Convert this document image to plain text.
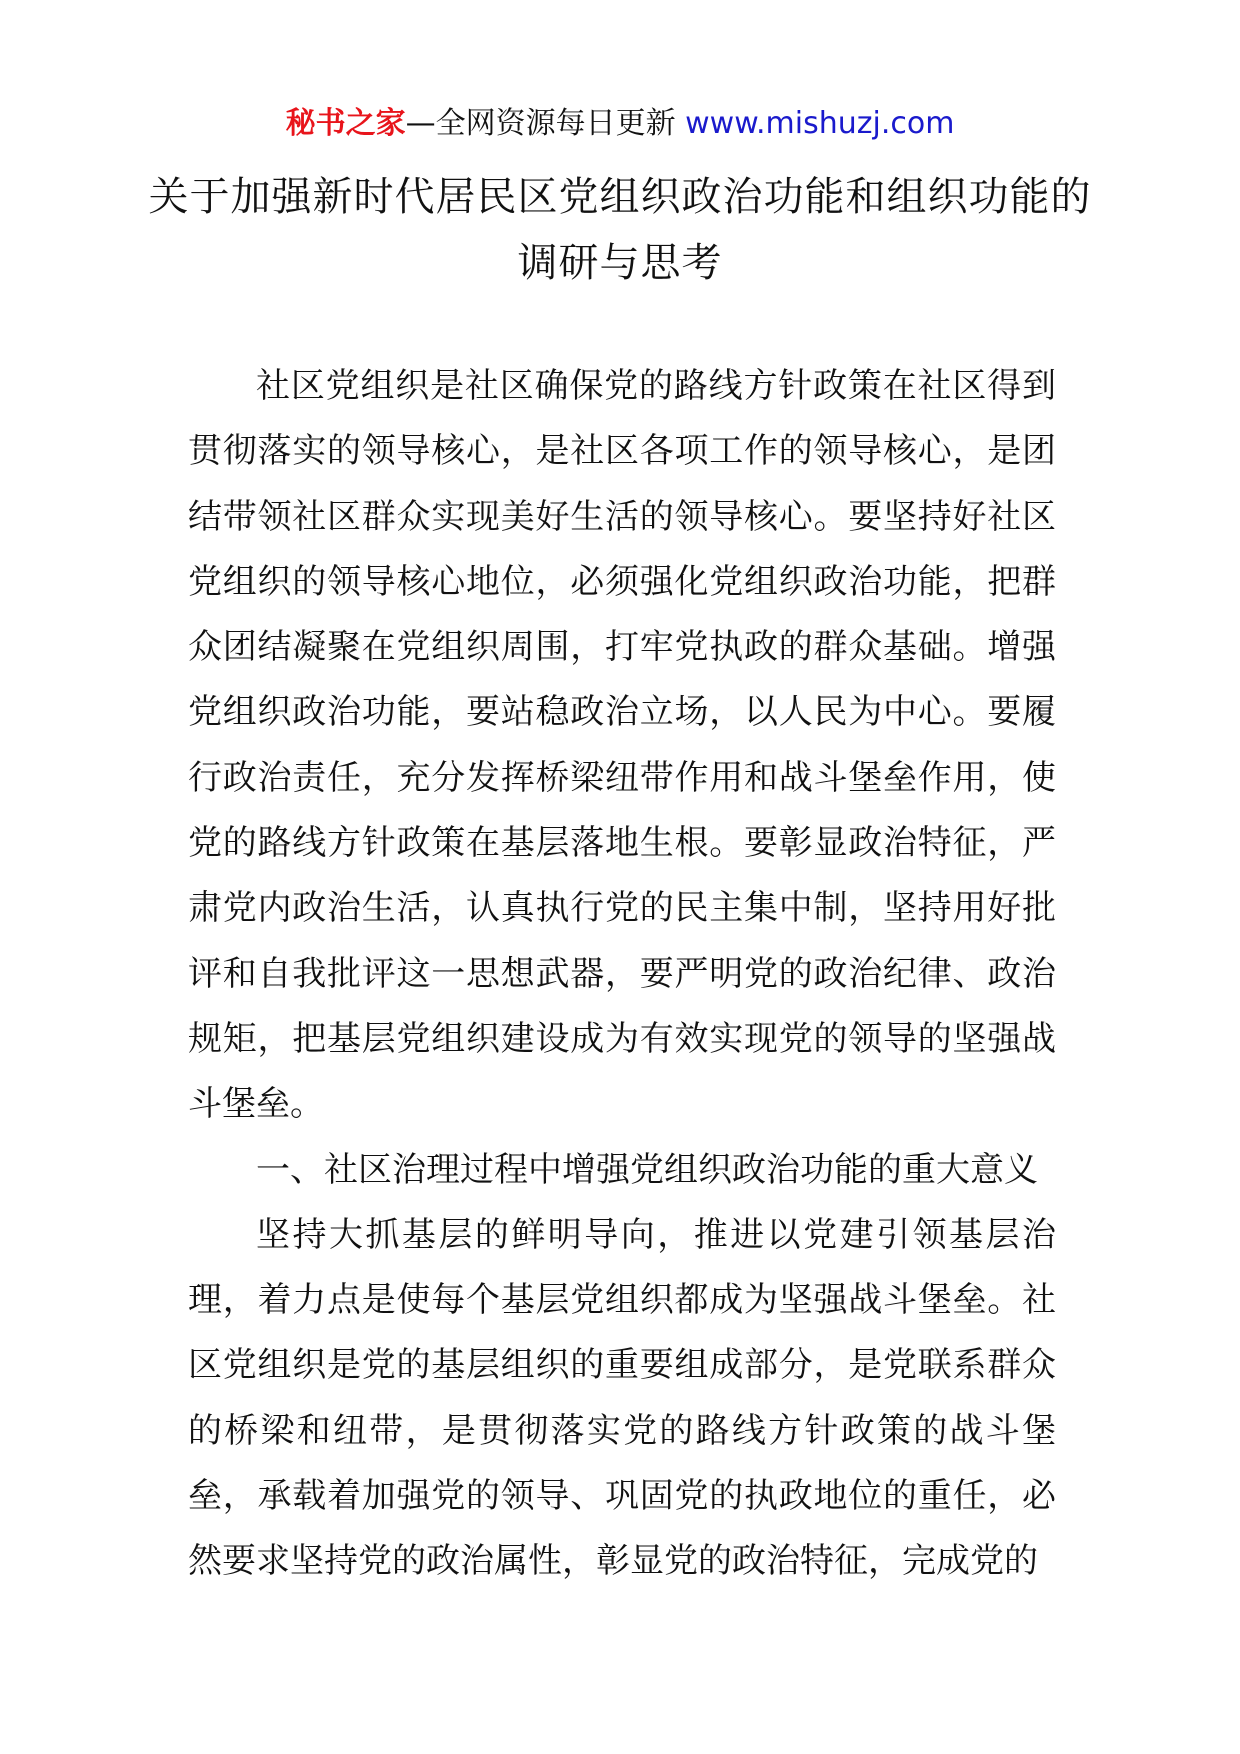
秘书之家—全网资源每日更新 www.mishuzj.com
关于加强新时代居民区党组织政治功能和组织功能的调研与思考

社区党组织是社区确保党的路线方针政策在社区得到贯彻落实的领导核心，是社区各项工作的领导核心，是团结带领社区群众实现美好生活的领导核心。要坚持好社区党组织的领导核心地位，必须强化党组织政治功能，把群众团结凝聚在党组织周围，打牢党执政的群众基础。增强党组织政治功能，要站稳政治立场，以人民为中心。要履行政治责任，充分发挥桥梁纽带作用和战斗堡垒作用，使党的路线方针政策在基层落地生根。要彰显政治特征，严肃党内政治生活，认真执行党的民主集中制，坚持用好批评和自我批评这一思想武器，要严明党的政治纪律、政治规矩，把基层党组织建设成为有效实现党的领导的坚强战斗堡垒。

一、社区治理过程中增强党组织政治功能的重大意义

坚持大抓基层的鲜明导向，推进以党建引领基层治理，着力点是使每个基层党组织都成为坚强战斗堡垒。社区党组织是党的基层组织的重要组成部分，是党联系群众的桥梁和纽带，是贯彻落实党的路线方针政策的战斗堡垒，承载着加强党的领导、巩固党的执政地位的重任，必然要求坚持党的政治属性，彰显党的政治特征，完成党的
